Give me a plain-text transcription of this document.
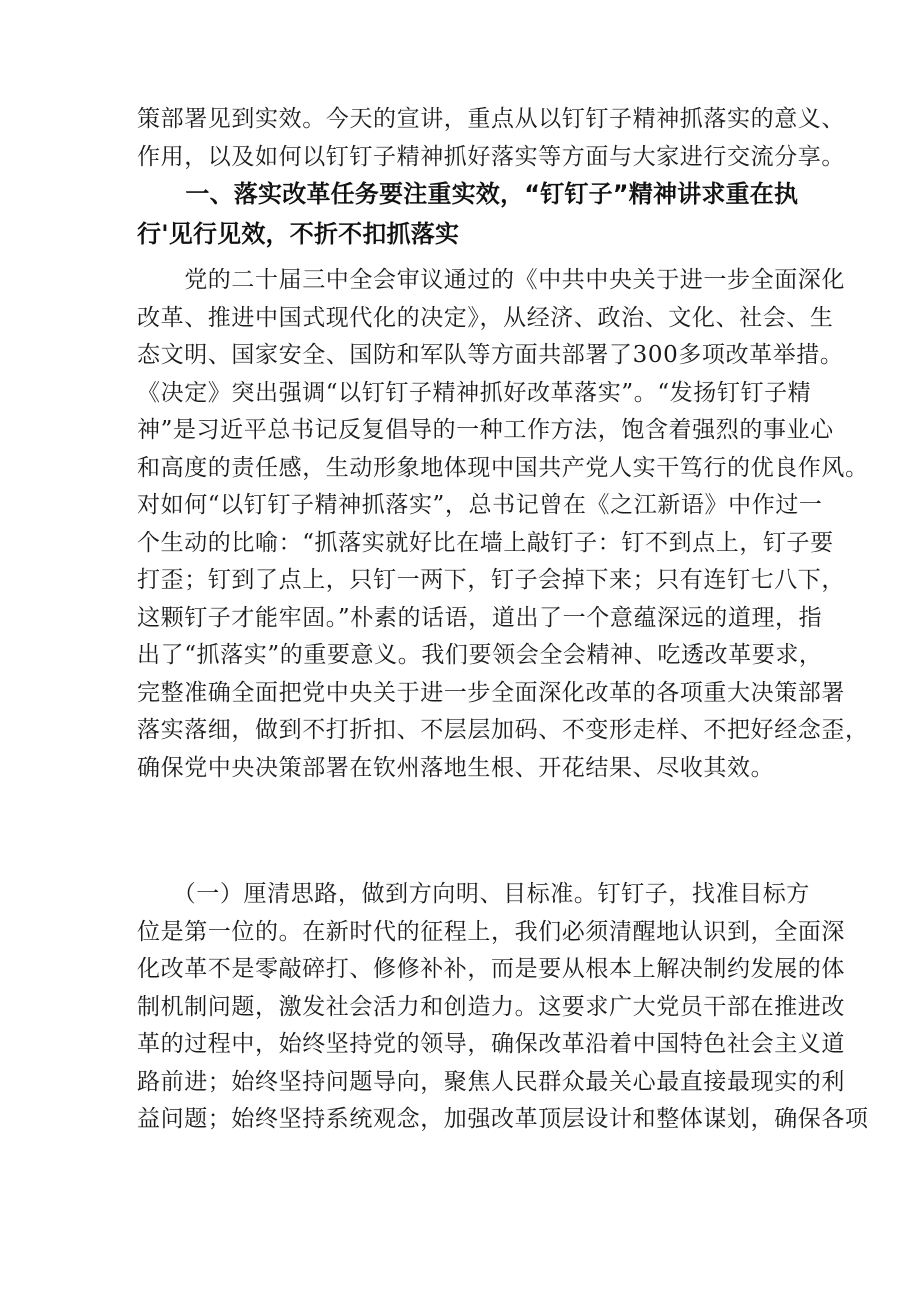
策部署见到实效。今天的宣讲，重点从以钉钉子精神抓落实的意义、
作用，以及如何以钉钉子精神抓好落实等方面与大家进行交流分享。
　　一、落实改革任务要注重实效，“钉钉子”精神讲求重在执
行'见行见效，不折不扣抓落实
　　党的二十届三中全会审议通过的《中共中央关于进一步全面深化
改革、推进中国式现代化的决定》，从经济、政治、文化、社会、生
态文明、国家安全、国防和军队等方面共部署了300多项改革举措。
《决定》突出强调“以钉钉子精神抓好改革落实”。“发扬钉钉子精
神”是习近平总书记反复倡导的一种工作方法，饱含着强烈的事业心
和高度的责任感，生动形象地体现中国共产党人实干笃行的优良作风。
对如何“以钉钉子精神抓落实”，总书记曾在《之江新语》中作过一
个生动的比喻：“抓落实就好比在墙上敲钉子：钉不到点上，钉子要
打歪；钉到了点上，只钉一两下，钉子会掉下来；只有连钉七八下，
这颗钉子才能牢固。”朴素的话语，道出了一个意蕴深远的道理，指
出了“抓落实”的重要意义。我们要领会全会精神、吃透改革要求，
完整准确全面把党中央关于进一步全面深化改革的各项重大决策部署
落实落细，做到不打折扣、不层层加码、不变形走样、不把好经念歪，
确保党中央决策部署在钦州落地生根、开花结果、尽收其效。
　　（一）厘清思路，做到方向明、目标准。钉钉子，找准目标方
位是第一位的。在新时代的征程上，我们必须清醒地认识到，全面深
化改革不是零敲碎打、修修补补，而是要从根本上解决制约发展的体
制机制问题，激发社会活力和创造力。这要求广大党员干部在推进改
革的过程中，始终坚持党的领导，确保改革沿着中国特色社会主义道
路前进；始终坚持问题导向，聚焦人民群众最关心最直接最现实的利
益问题；始终坚持系统观念，加强改革顶层设计和整体谋划，确保各项
